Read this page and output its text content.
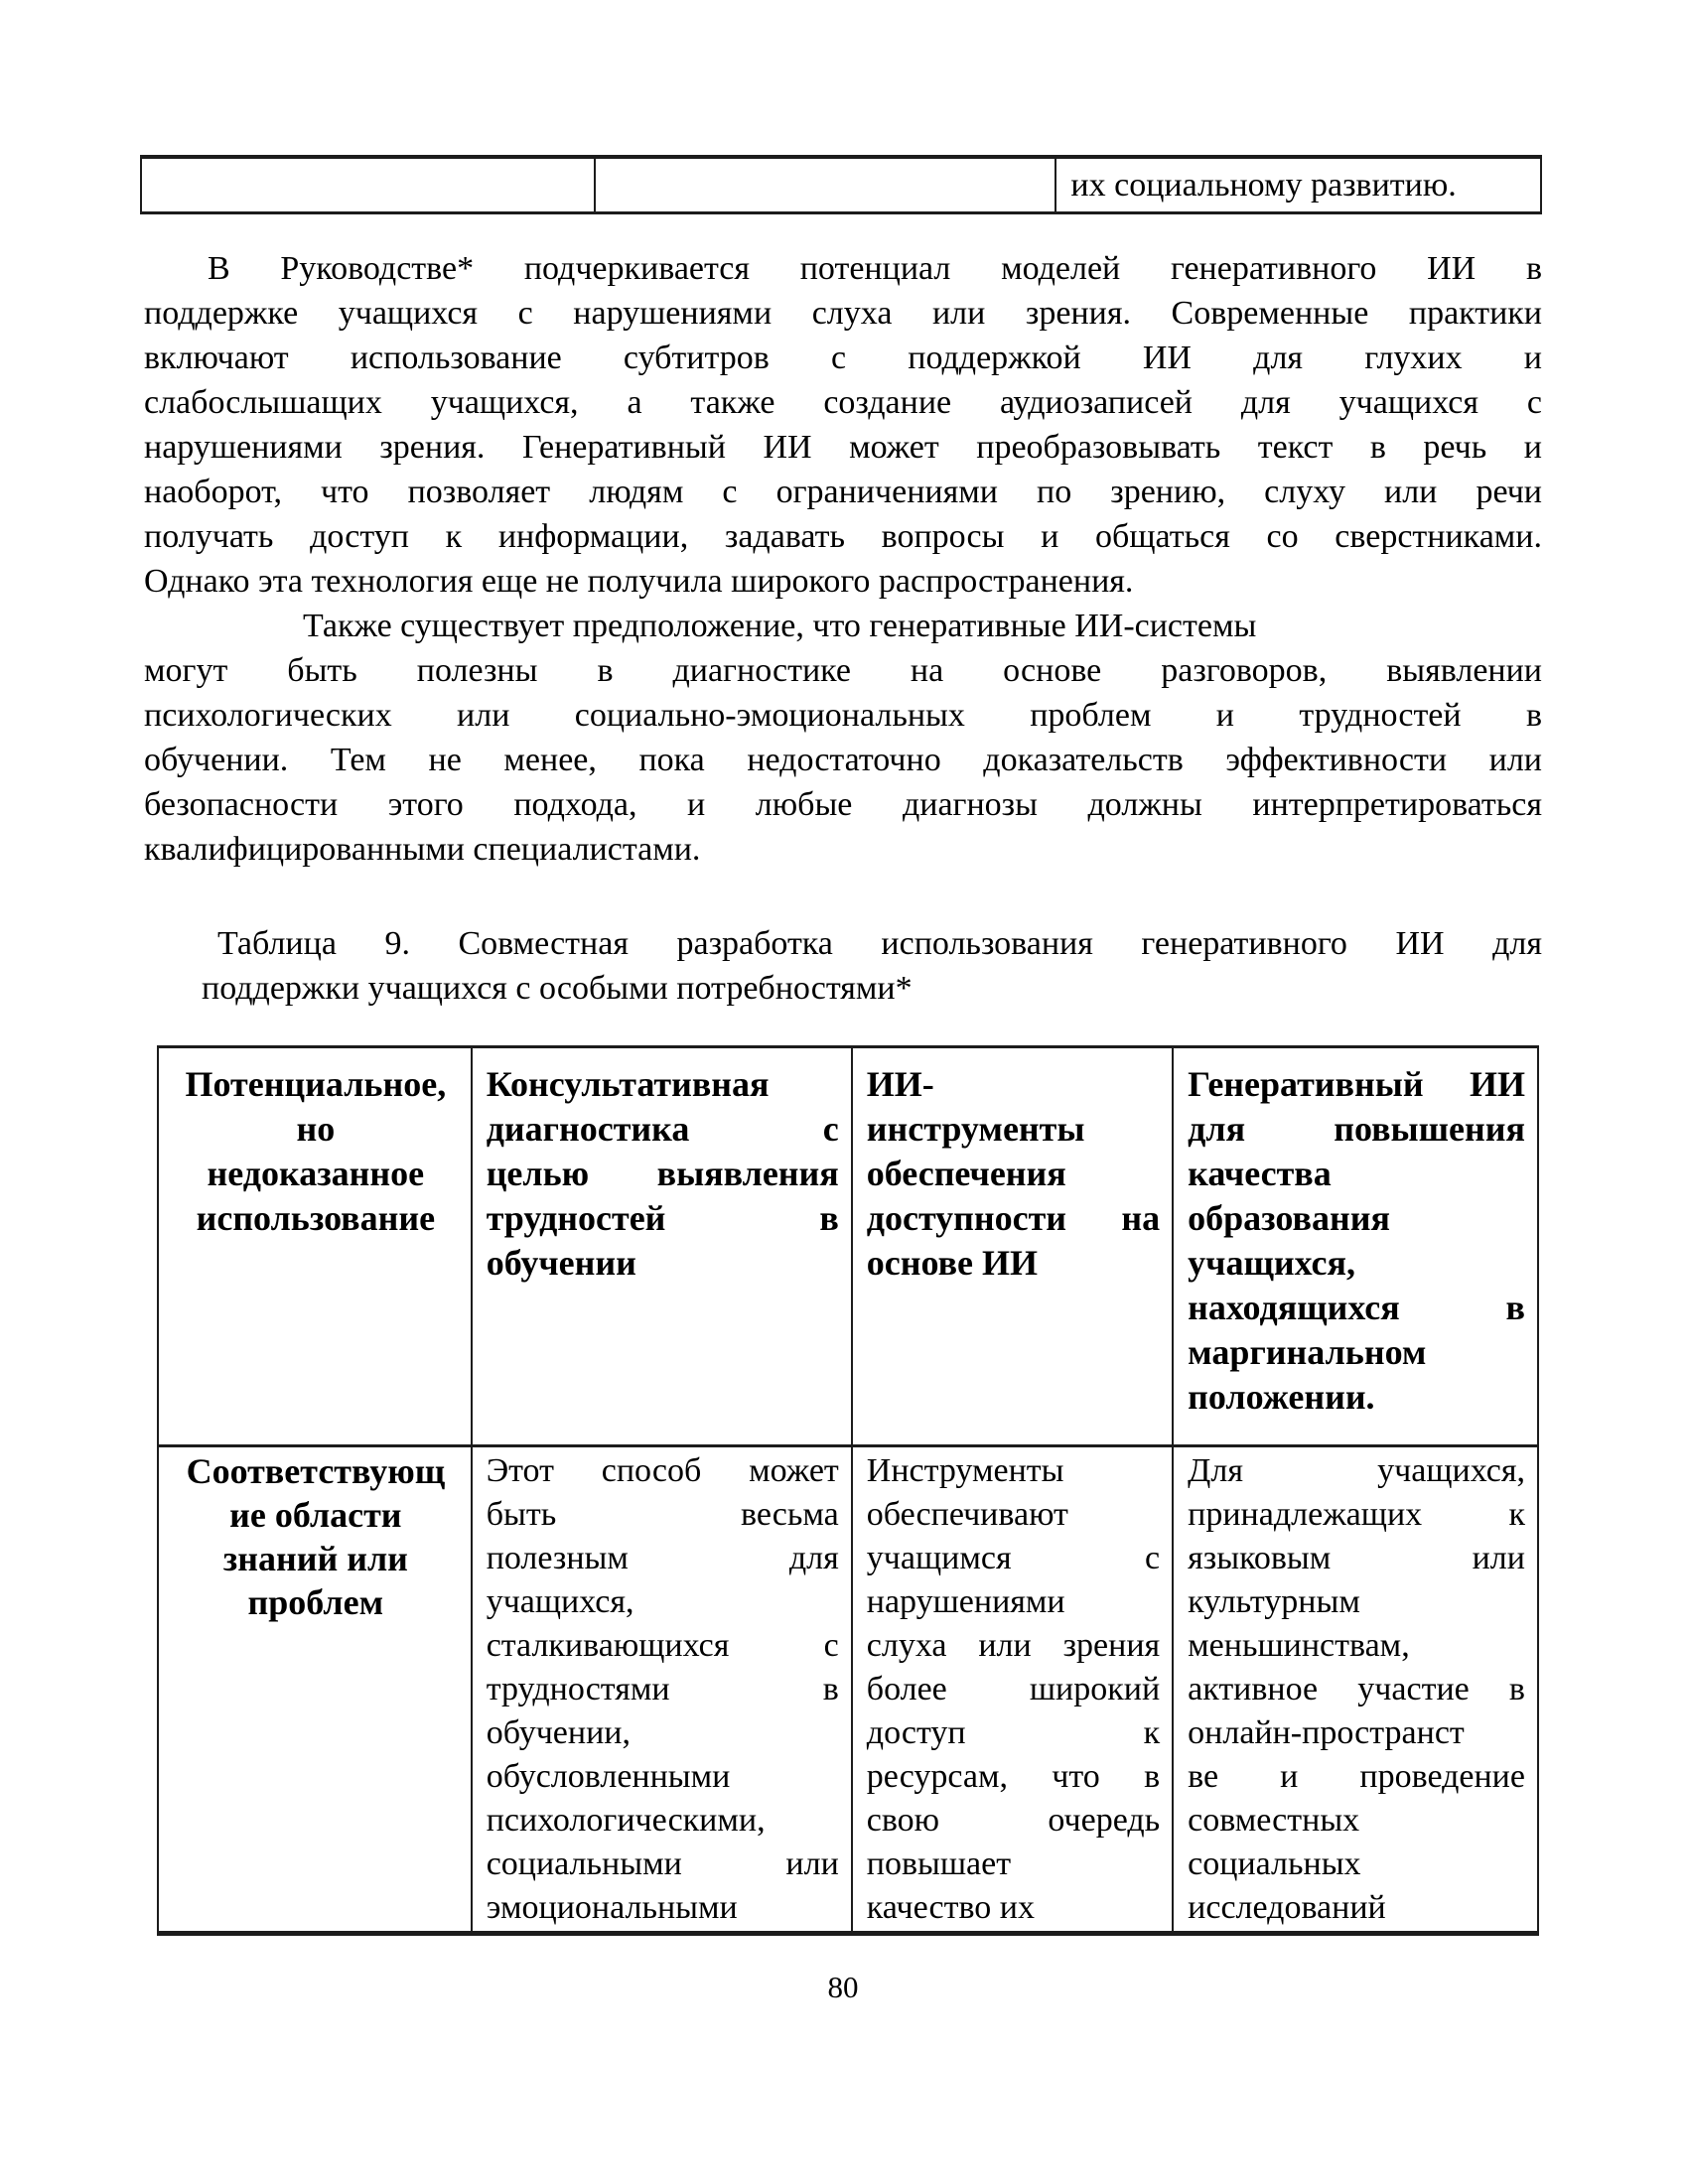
их социальному развитию.
В Руководстве* подчеркивается потенциал моделей генеративного ИИ в
поддержке учащихся с нарушениями слуха или зрения. Современные практики
включают использование субтитров с поддержкой ИИ для глухих и
слабослышащих учащихся, а также создание аудиозаписей для учащихся с
нарушениями зрения. Генеративный ИИ может преобразовывать текст в речь и
наоборот, что позволяет людям с ограничениями по зрению, слуху или речи
получать доступ к информации, задавать вопросы и общаться со сверстниками.
Однако эта технология еще не получила широкого распространения.
Также существует предположение, что генеративные ИИ-системы
могут быть полезны в диагностике на основе разговоров, выявлении
психологических или социально-эмоциональных проблем и трудностей в
обучении. Тем не менее, пока недостаточно доказательств эффективности или
безопасности этого подхода, и любые диагнозы должны интерпретироваться
квалифицированными специалистами.
Таблица 9. Совместная разработка использования генеративного ИИ для
поддержки учащихся с особыми потребностями*
Потенциальное,
но
недоказанное
использование
Консультативная
диагностика с
целью выявления
трудностей в
обучении
ИИ-
инструменты
обеспечения
доступности на
основе ИИ
Генеративный ИИ
для повышения
качества
образования
учащихся,
находящихся в
маргинальном
положении.
Соответствующ
ие области
знаний или
проблем
Этот способ может
быть весьма
полезным для
учащихся,
сталкивающихся с
трудностями в
обучении,
обусловленными
психологическими,
социальными или
эмоциональными
Инструменты
обеспечивают
учащимся с
нарушениями
слуха или зрения
более широкий
доступ к
ресурсам, что в
свою очередь
повышает
качество их
Для учащихся,
принадлежащих к
языковым или
культурным
меньшинствам,
активное участие в
онлайн-пространст
ве и проведение
совместных
социальных
исследований
80
